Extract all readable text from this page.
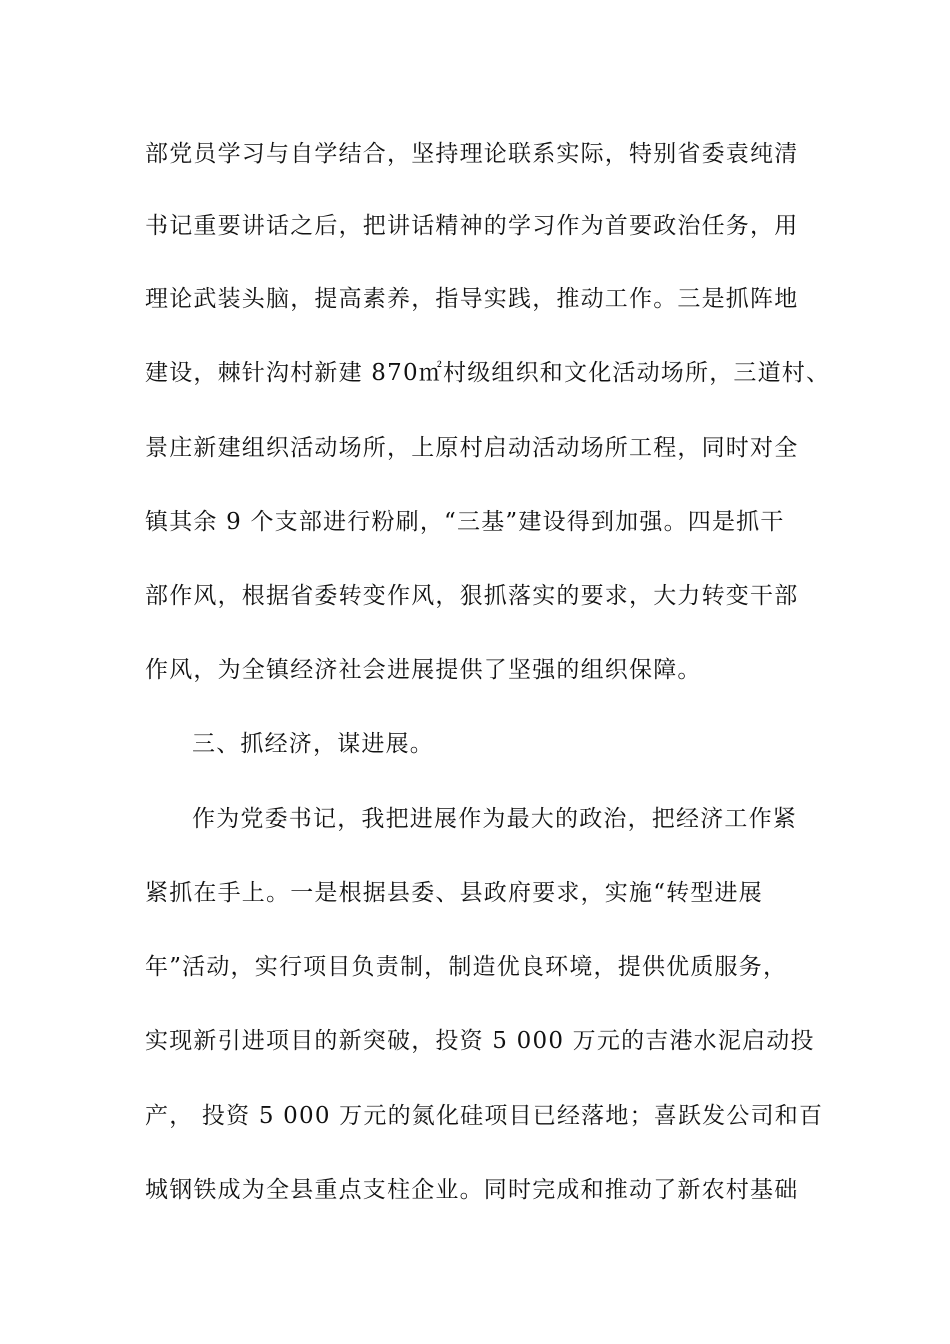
部党员学习与自学结合，坚持理论联系实际，特别省委袁纯清
书记重要讲话之后，把讲话精神的学习作为首要政治任务，用
理论武装头脑，提高素养，指导实践，推动工作。三是抓阵地
建设，棘针沟村新建 870㎡村级组织和文化活动场所，三道村、
景庄新建组织活动场所，上原村启动活动场所工程，同时对全
镇其余 9 个支部进行粉刷，“三基”建设得到加强。四是抓干
部作风，根据省委转变作风，狠抓落实的要求，大力转变干部
作风，为全镇经济社会进展提供了坚强的组织保障。
三、抓经济，谋进展。
作为党委书记，我把进展作为最大的政治，把经济工作紧
紧抓在手上。一是根据县委、县政府要求，实施“转型进展
年”活动，实行项目负责制，制造优良环境，提供优质服务，
实现新引进项目的新突破，投资 5 000 万元的吉港水泥启动投
产， 投资 5 000 万元的氮化硅项目已经落地；喜跃发公司和百
城钢铁成为全县重点支柱企业。同时完成和推动了新农村基础
